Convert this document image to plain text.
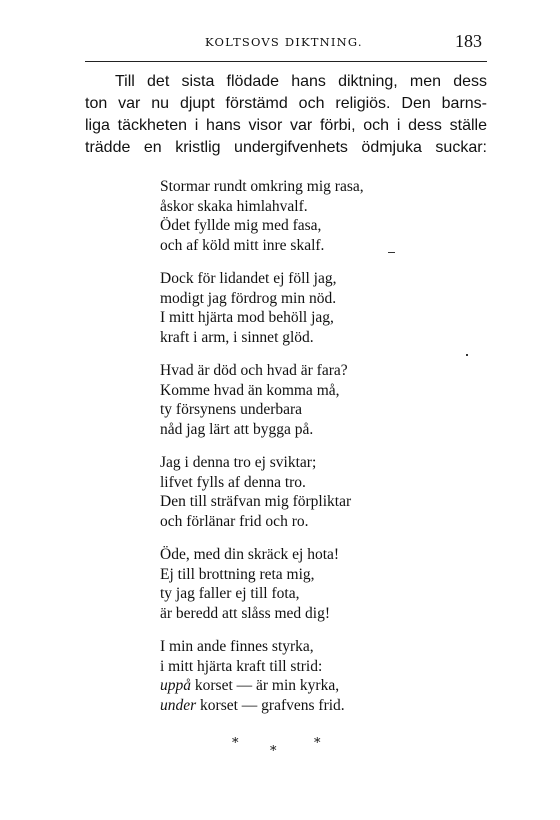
KOLTSOVS DIKTNING.	183
Till det sista flödade hans diktning, men dess
ton var nu djupt förstämd och religiös. Den barns-
liga täckheten i hans visor var förbi, och i dess ställe
trädde en kristlig undergifvenhets ödmjuka suckar:
Stormar rundt omkring mig rasa,
åskor skaka himlahvalf.
Ödet fyllde mig med fasa,
och af köld mitt inre skalf.
Dock för lidandet ej föll jag,
modigt jag fördrog min nöd.
I mitt hjärta mod behöll jag,
kraft i arm, i sinnet glöd.
Hvad är död och hvad är fara?
Komme hvad än komma må,
ty försynens underbara
nåd jag lärt att bygga på.
Jag i denna tro ej sviktar;
lifvet fylls af denna tro.
Den till sträfvan mig förpliktar
och förlänar frid och ro.
Öde, med din skräck ej hota!
Ej till brottning reta mig,
ty jag faller ej till fota,
är beredd att slåss med dig!
I min ande finnes styrka,
i mitt hjärta kraft till strid:
uppå korset — är min kyrka,
under korset — grafvens frid.
*
*
*
